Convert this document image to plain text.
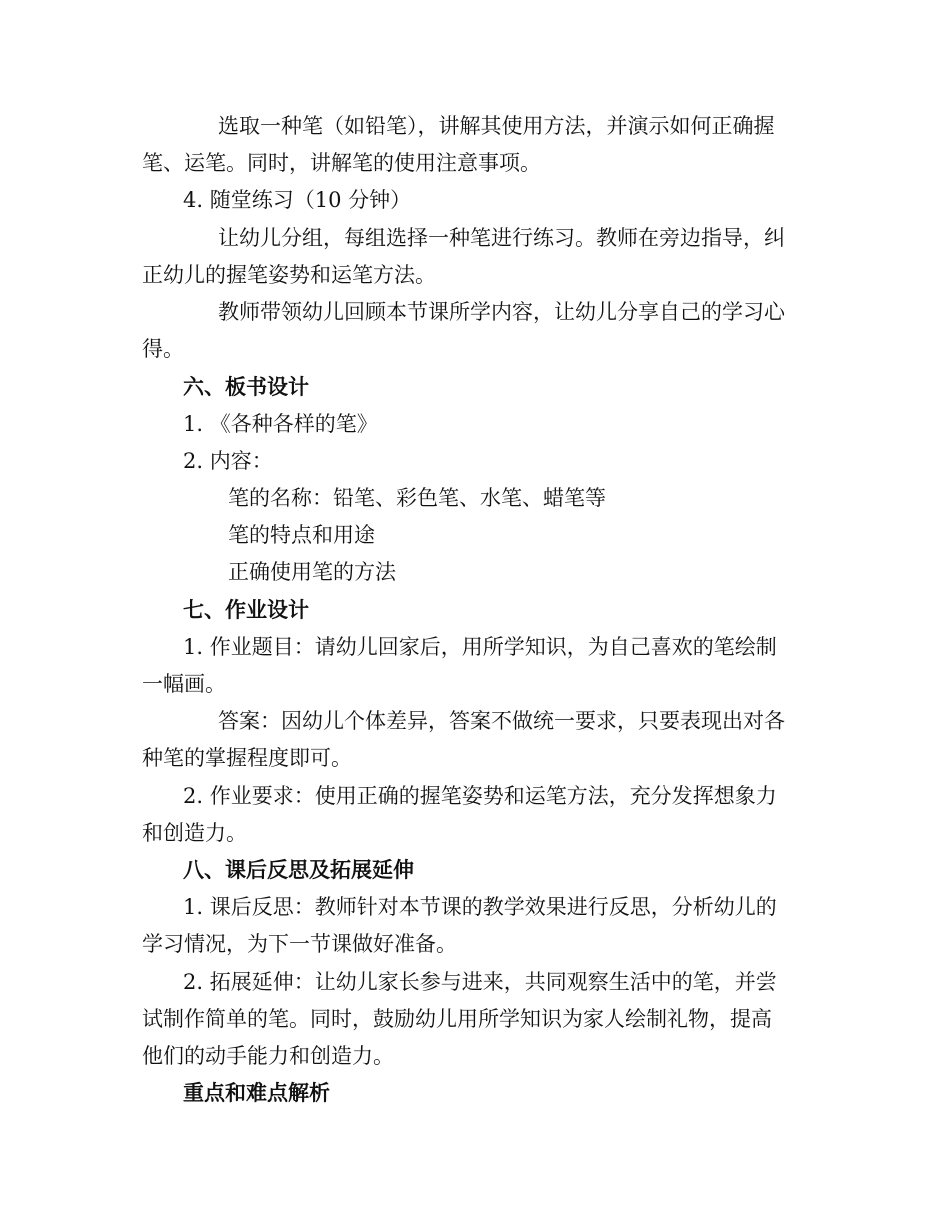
选取一种笔（如铅笔），讲解其使用方法，并演示如何正确握
笔、运笔。同时，讲解笔的使用注意事项。
4. 随堂练习（10 分钟）
让幼儿分组，每组选择一种笔进行练习。教师在旁边指导，纠
正幼儿的握笔姿势和运笔方法。
教师带领幼儿回顾本节课所学内容，让幼儿分享自己的学习心
得。
六、板书设计
1. 《各种各样的笔》
2. 内容：
笔的名称：铅笔、彩色笔、水笔、蜡笔等
笔的特点和用途
正确使用笔的方法
七、作业设计
1. 作业题目：请幼儿回家后，用所学知识，为自己喜欢的笔绘制
一幅画。
答案：因幼儿个体差异，答案不做统一要求，只要表现出对各
种笔的掌握程度即可。
2. 作业要求：使用正确的握笔姿势和运笔方法，充分发挥想象力
和创造力。
八、课后反思及拓展延伸
1. 课后反思：教师针对本节课的教学效果进行反思，分析幼儿的
学习情况，为下一节课做好准备。
2. 拓展延伸：让幼儿家长参与进来，共同观察生活中的笔，并尝
试制作简单的笔。同时，鼓励幼儿用所学知识为家人绘制礼物，提高
他们的动手能力和创造力。
重点和难点解析
